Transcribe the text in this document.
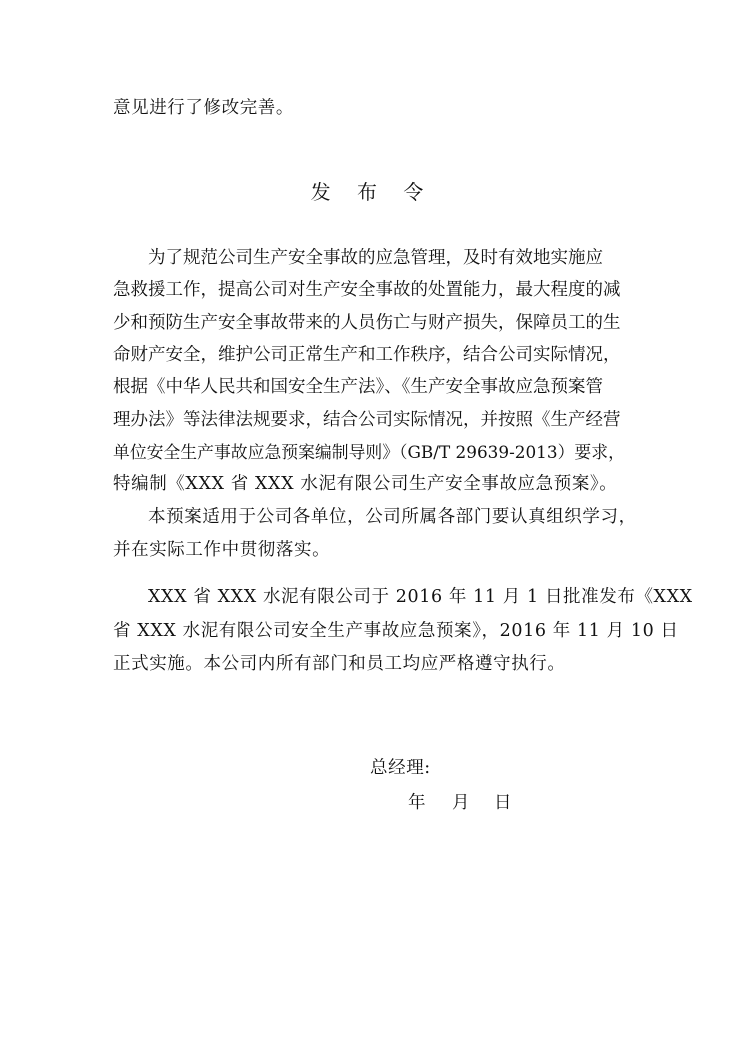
意见进行了修改完善。
发 布 令
为了规范公司生产安全事故的应急管理，及时有效地实施应
急救援工作，提高公司对生产安全事故的处置能力，最大程度的减
少和预防生产安全事故带来的人员伤亡与财产损失，保障员工的生
命财产安全，维护公司正常生产和工作秩序，结合公司实际情况，
根据《中华人民共和国安全生产法》、《生产安全事故应急预案管
理办法》等法律法规要求，结合公司实际情况，并按照《生产经营
单位安全生产事故应急预案编制导则》（GB/T 29639-2013）要求，
特编制《XXX 省 XXX 水泥有限公司生产安全事故应急预案》。
本预案适用于公司各单位，公司所属各部门要认真组织学习，
并在实际工作中贯彻落实。
XXX 省 XXX 水泥有限公司于 2016 年 11 月 1 日批准发布《XXX
省 XXX 水泥有限公司安全生产事故应急预案》，2016 年 11 月 10 日
正式实施。本公司内所有部门和员工均应严格遵守执行。
总经理:
年 月 日
